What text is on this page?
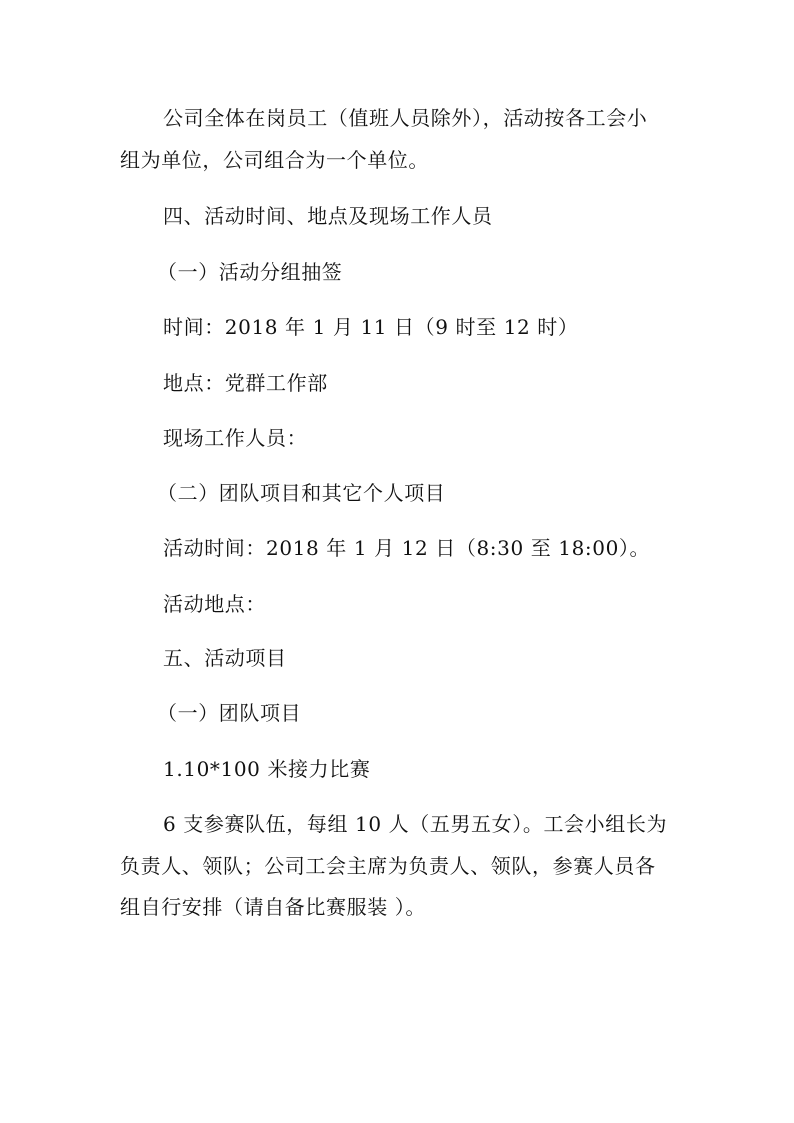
公司全体在岗员工（值班人员除外），活动按各工会小
组为单位，公司组合为一个单位。
四、活动时间、地点及现场工作人员
（一）活动分组抽签
时间：2018 年 1 月 11 日（9 时至 12 时）
地点：党群工作部
现场工作人员：
（二）团队项目和其它个人项目
活动时间：2018 年 1 月 12 日（8:30 至 18:00）。
活动地点：
五、活动项目
（一）团队项目
1.10*100 米接力比赛
6 支参赛队伍，每组 10 人（五男五女）。工会小组长为
负责人、领队；公司工会主席为负责人、领队，参赛人员各
组自行安排（请自备比赛服装 ）。
